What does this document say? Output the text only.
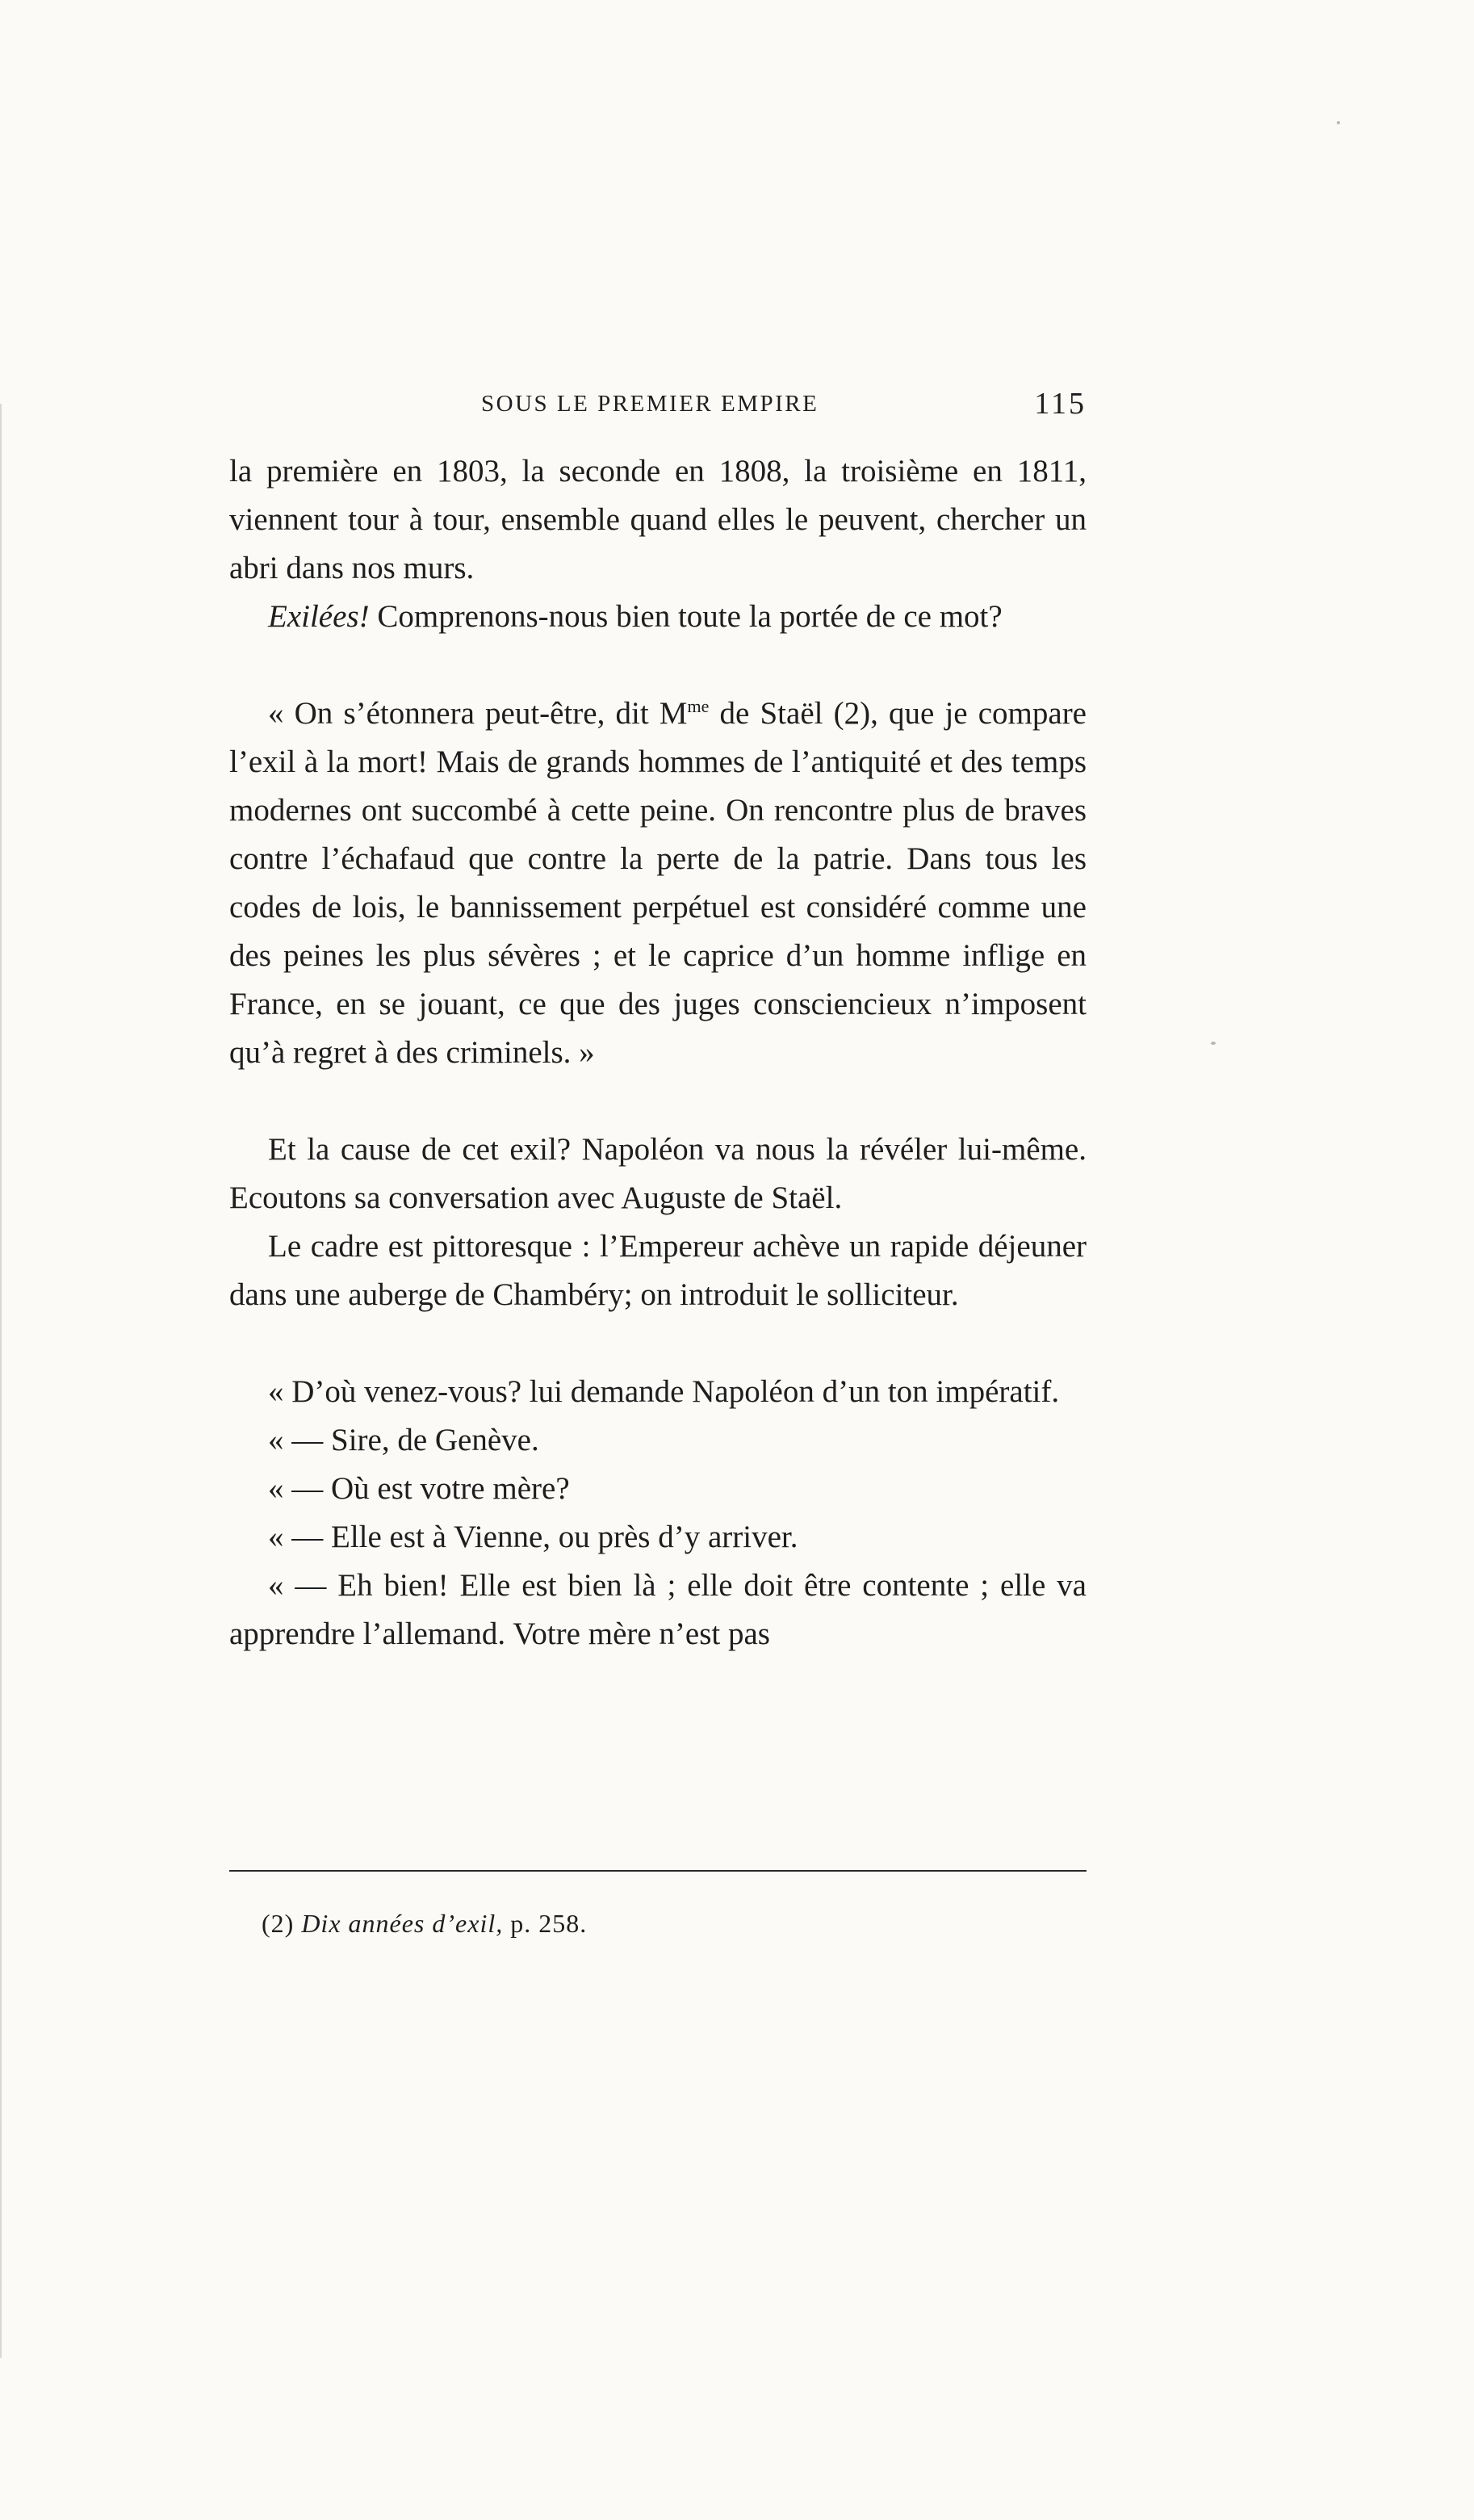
SOUS LE PREMIER EMPIRE	115

la première en 1803, la seconde en 1808, la troisième en 1811, viennent tour à tour, ensemble quand elles le peuvent, chercher un abri dans nos murs.

Exilées! Comprenons-nous bien toute la portée de ce mot?

« On s’étonnera peut-être, dit $M^{me}$ de Staël (2), que je compare l’exil à la mort! Mais de grands hommes de l’antiquité et des temps modernes ont succombé à cette peine. On rencontre plus de braves contre l’échafaud que contre la perte de la patrie. Dans tous les codes de lois, le bannissement perpétuel est considéré comme une des peines les plus sévères ; et le caprice d’un homme inflige en France, en se jouant, ce que des juges consciencieux n’imposent qu’à regret à des criminels. »

Et la cause de cet exil? Napoléon va nous la révéler lui-même. Ecoutons sa conversation avec Auguste de Staël.

Le cadre est pittoresque : l’Empereur achève un rapide déjeuner dans une auberge de Chambéry; on introduit le solliciteur.

« D’où venez-vous? lui demande Napoléon d’un ton impératif.

« — Sire, de Genève.

« — Où est votre mère?

« — Elle est à Vienne, ou près d’y arriver.

« — Eh bien! Elle est bien là ; elle doit être contente ; elle va apprendre l’allemand. Votre mère n’est pas

(2) Dix années d’exil, p. 258.
